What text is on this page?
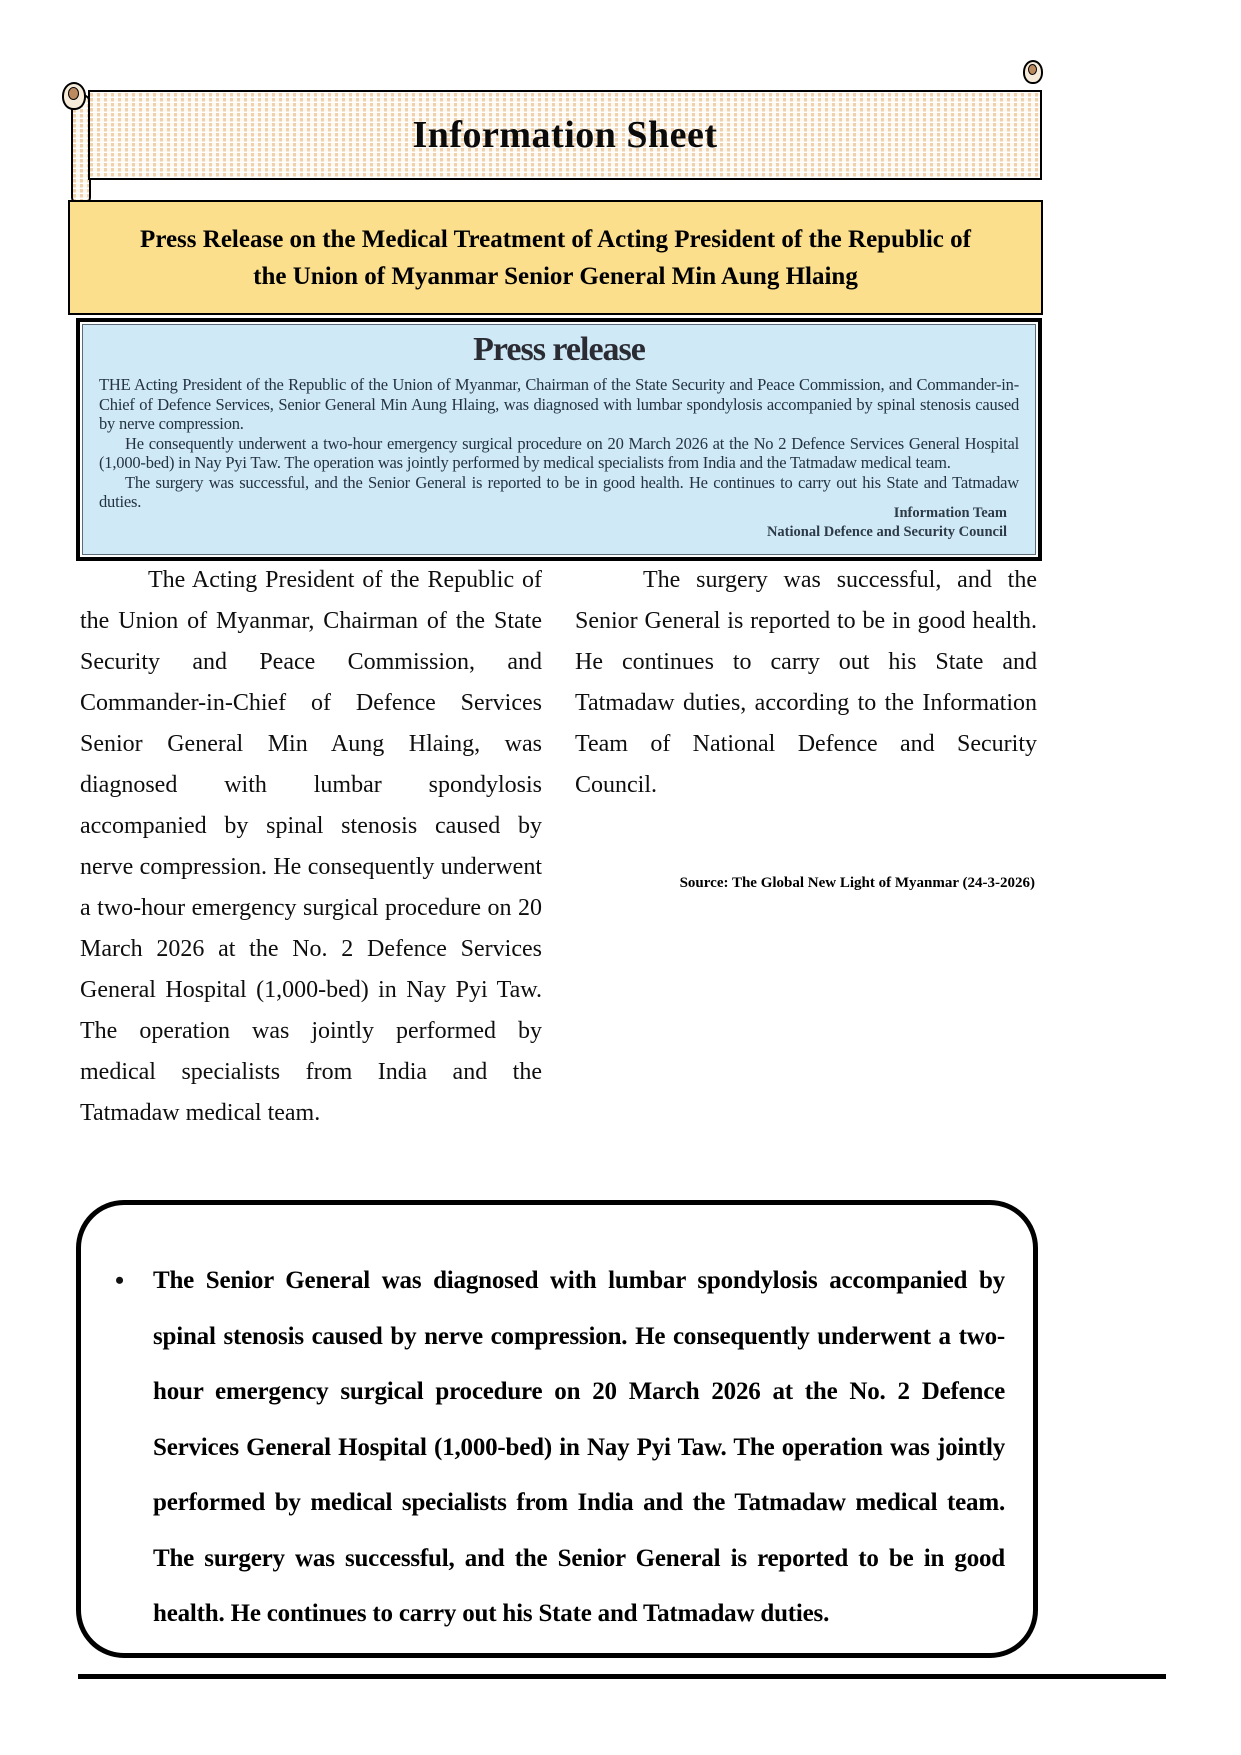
Information Sheet
Press Release on the Medical Treatment of Acting President of the Republic of
the Union of Myanmar Senior General Min Aung Hlaing
Press release

THE Acting President of the Republic of the Union of Myanmar, Chairman of the State Security and Peace Commission, and Commander-in-Chief of Defence Services, Senior General Min Aung Hlaing, was diagnosed with lumbar spondylosis accompanied by spinal stenosis caused by nerve compression.

He consequently underwent a two-hour emergency surgical procedure on 20 March 2026 at the No 2 Defence Services General Hospital (1,000-bed) in Nay Pyi Taw. The operation was jointly performed by medical specialists from India and the Tatmadaw medical team.

The surgery was successful, and the Senior General is reported to be in good health. He continues to carry out his State and Tatmadaw duties.

Information Team
National Defence and Security Council

The Acting President of the Republic of the Union of Myanmar, Chairman of the State Security and Peace Commission, and Commander-in-Chief of Defence Services Senior General Min Aung Hlaing, was diagnosed with lumbar spondylosis accompanied by spinal stenosis caused by nerve compression. He consequently underwent a two-hour emergency surgical procedure on 20 March 2026 at the No. 2 Defence Services General Hospital (1,000-bed) in Nay Pyi Taw. The operation was jointly performed by medical specialists from India and the Tatmadaw medical team.

The surgery was successful, and the Senior General is reported to be in good health. He continues to carry out his State and Tatmadaw duties, according to the Information Team of National Defence and Security Council.

Source: The Global New Light of Myanmar (24-3-2026)
•	The Senior General was diagnosed with lumbar spondylosis accompanied by spinal stenosis caused by nerve compression. He consequently underwent a two-hour emergency surgical procedure on 20 March 2026 at the No. 2 Defence Services General Hospital (1,000-bed) in Nay Pyi Taw. The operation was jointly performed by medical specialists from India and the Tatmadaw medical team. The surgery was successful, and the Senior General is reported to be in good health. He continues to carry out his State and Tatmadaw duties.
